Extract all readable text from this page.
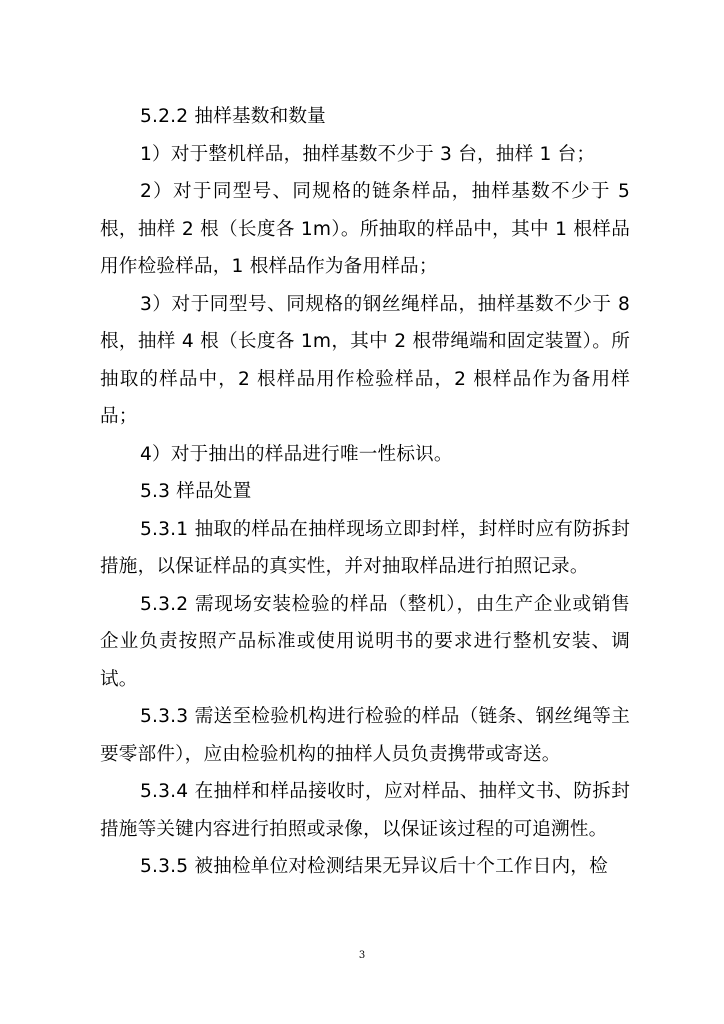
5.2.2 抽样基数和数量

1）对于整机样品，抽样基数不少于 3 台，抽样 1 台；

2）对于同型号、同规格的链条样品，抽样基数不少于 5 根，抽样 2 根（长度各 1m）。所抽取的样品中，其中 1 根样品用作检验样品，1 根样品作为备用样品；

3）对于同型号、同规格的钢丝绳样品，抽样基数不少于 8 根，抽样 4 根（长度各 1m，其中 2 根带绳端和固定装置）。所抽取的样品中，2 根样品用作检验样品，2 根样品作为备用样品；

4）对于抽出的样品进行唯一性标识。

5.3 样品处置

5.3.1 抽取的样品在抽样现场立即封样，封样时应有防拆封措施，以保证样品的真实性，并对抽取样品进行拍照记录。

5.3.2 需现场安装检验的样品（整机），由生产企业或销售企业负责按照产品标准或使用说明书的要求进行整机安装、调试。

5.3.3 需送至检验机构进行检验的样品（链条、钢丝绳等主要零部件），应由检验机构的抽样人员负责携带或寄送。

5.3.4 在抽样和样品接收时，应对样品、抽样文书、防拆封措施等关键内容进行拍照或录像，以保证该过程的可追溯性。

5.3.5 被抽检单位对检测结果无异议后十个工作日内，检

3
